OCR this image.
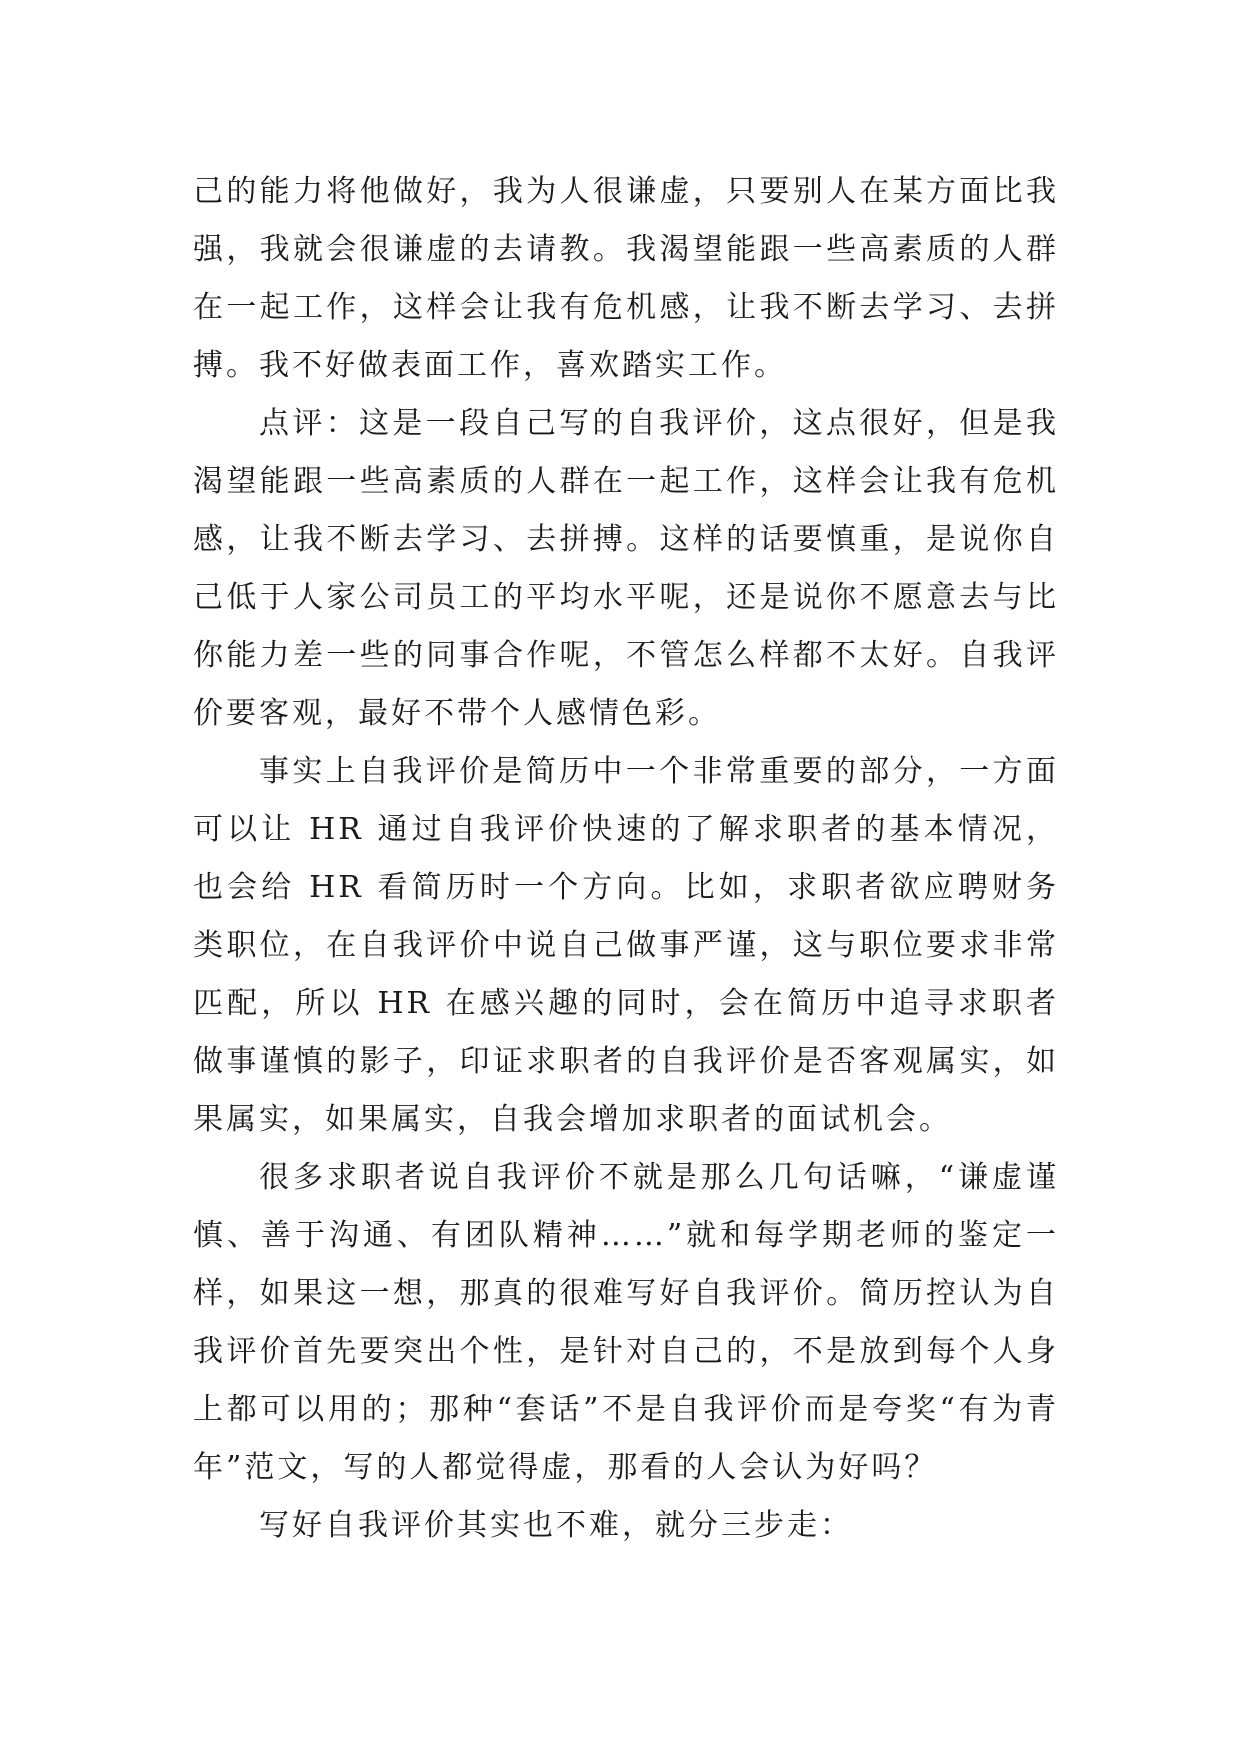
己的能力将他做好，我为人很谦虚，只要别人在某方面比我强，我就会很谦虚的去请教。我渴望能跟一些高素质的人群在一起工作，这样会让我有危机感，让我不断去学习、去拼搏。我不好做表面工作，喜欢踏实工作。

点评：这是一段自己写的自我评价，这点很好，但是我渴望能跟一些高素质的人群在一起工作，这样会让我有危机感，让我不断去学习、去拼搏。这样的话要慎重，是说你自己低于人家公司员工的平均水平呢，还是说你不愿意去与比你能力差一些的同事合作呢，不管怎么样都不太好。自我评价要客观，最好不带个人感情色彩。

事实上自我评价是简历中一个非常重要的部分，一方面可以让 HR 通过自我评价快速的了解求职者的基本情况，也会给 HR 看简历时一个方向。比如，求职者欲应聘财务类职位，在自我评价中说自己做事严谨，这与职位要求非常匹配，所以 HR 在感兴趣的同时，会在简历中追寻求职者做事谨慎的影子，印证求职者的自我评价是否客观属实，如果属实，如果属实，自我会增加求职者的面试机会。

很多求职者说自我评价不就是那么几句话嘛，“谦虚谨慎、善于沟通、有团队精神……”就和每学期老师的鉴定一样，如果这一想，那真的很难写好自我评价。简历控认为自我评价首先要突出个性，是针对自己的，不是放到每个人身上都可以用的；那种“套话”不是自我评价而是夸奖“有为青年”范文，写的人都觉得虚，那看的人会认为好吗？

写好自我评价其实也不难，就分三步走：
